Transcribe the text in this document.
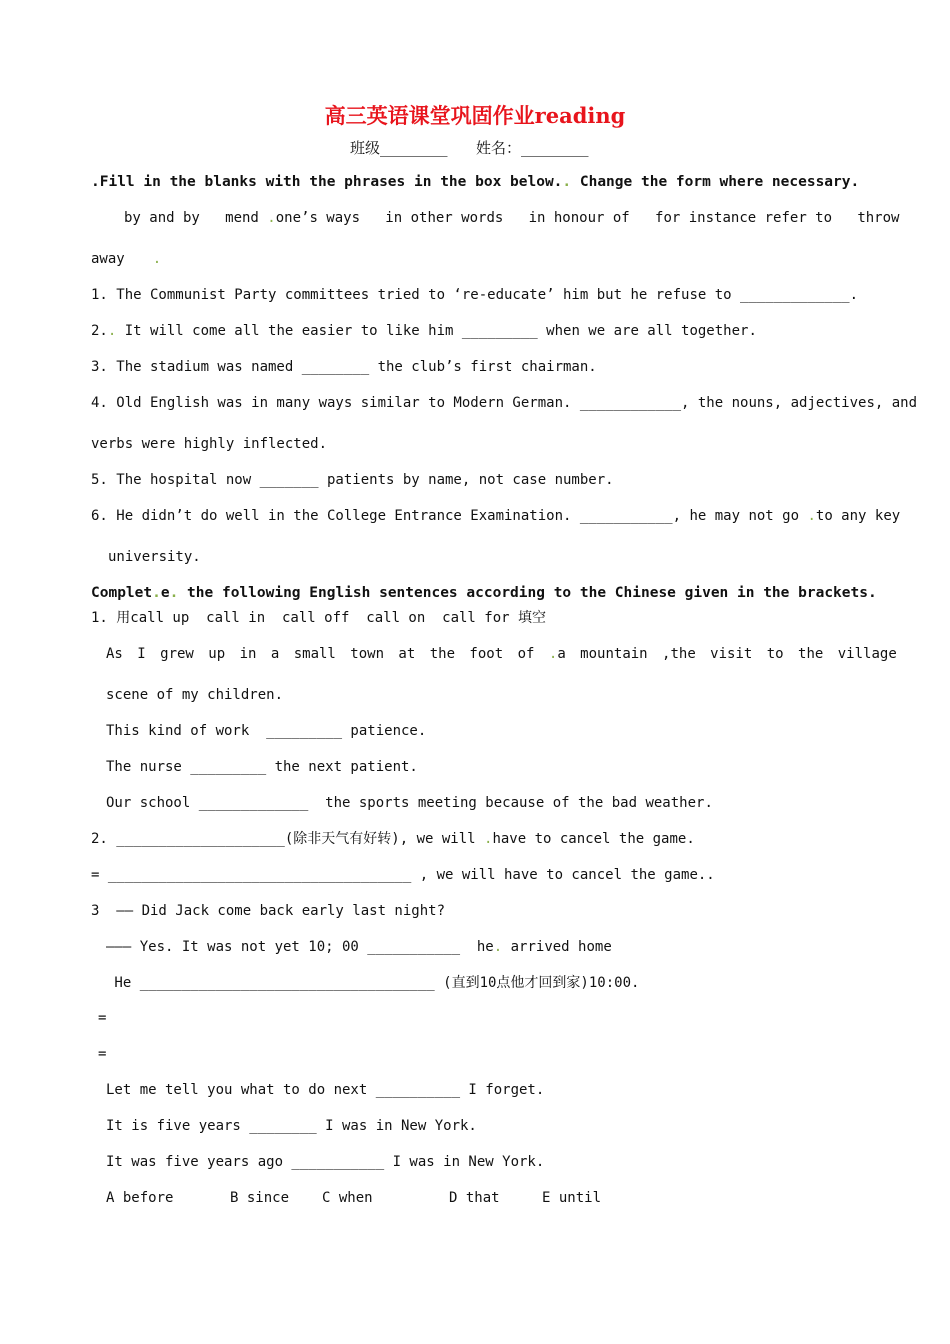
高三英语课堂巩固作业reading
班级_________ 姓名：_________
.Fill in the blanks with the phrases in the box below.. Change the form where necessary.
by and by   mend .one’s ways   in other words   in honour of   for instance refer to   throw
away .
1. The Communist Party committees tried to ‘re-educate’ him but he refuse to _____________.
2.. It will come all the easier to like him _________ when we are all together.
3. The stadium was named ________ the club’s first chairman.
4. Old English was in many ways similar to Modern German. ____________, the nouns, adjectives, and
verbs were highly inflected.
5. The hospital now _______ patients by name, not case number.
6. He didn’t do well in the College Entrance Examination. ___________, he may not go .to any key
university.
Complet.e. the following English sentences according to the Chinese given in the brackets.
1. 用call up  call in  call off  call on  call for 填空
As I grew up in a small town at the foot of .a mountain ,the visit to the village
scene of my children.
This kind of work  _________ patience.
The nurse _________ the next patient.
Our school _____________  the sports meeting because of the bad weather.
2. ____________________(除非天气有好转), we will .have to cancel the game.
= ____________________________________ , we will have to cancel the game..
3  —— Did Jack come back early last night?
——— Yes. It was not yet 10; 00 ___________  he. arrived home
He ___________________________________ (直到10点他才回到家)10:00.
=
=
Let me tell you what to do next __________ I forget.
It is five years ________ I was in New York.
It was five years ago ___________ I was in New York.
A before	B since C when	D that	E until
